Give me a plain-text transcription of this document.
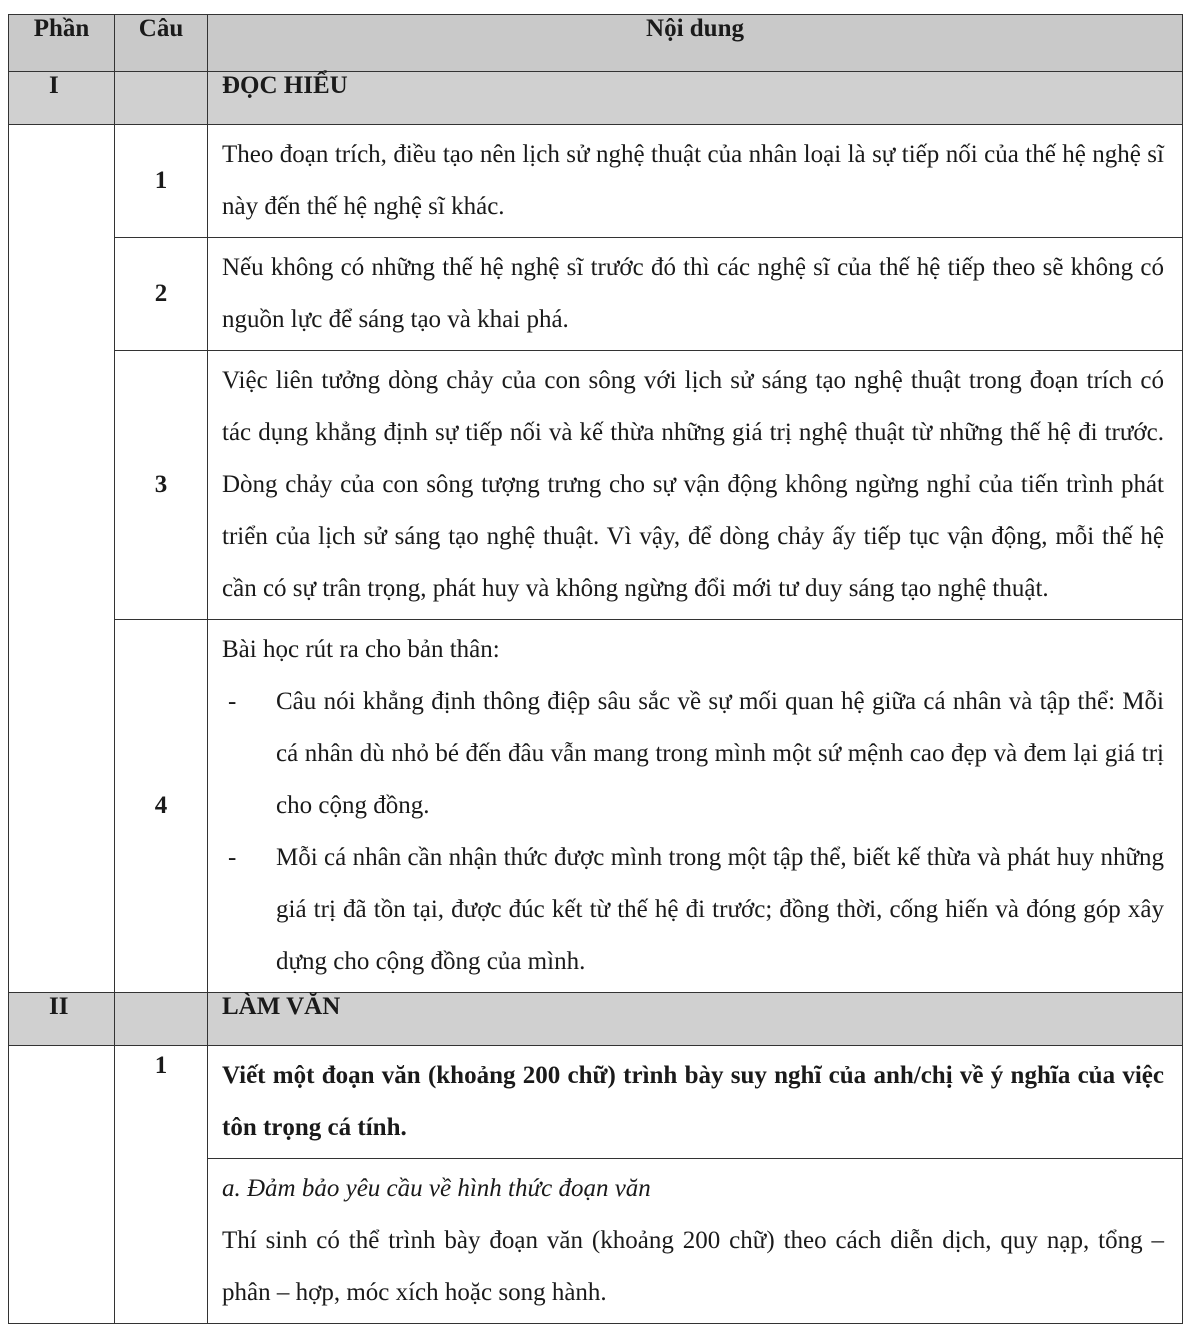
Phần	Câu	Nội dung
I		ĐỌC HIỂU
	1	Theo đoạn trích, điều tạo nên lịch sử nghệ thuật của nhân loại là sự tiếp nối của thế hệ nghệ sĩ này đến thế hệ nghệ sĩ khác.

	2	Nếu không có những thế hệ nghệ sĩ trước đó thì các nghệ sĩ của thế hệ tiếp theo sẽ không có nguồn lực để sáng tạo và khai phá.

	3	Việc liên tưởng dòng chảy của con sông với lịch sử sáng tạo nghệ thuật trong đoạn trích có tác dụng khẳng định sự tiếp nối và kế thừa những giá trị nghệ thuật từ những thế hệ đi trước. Dòng chảy của con sông tượng trưng cho sự vận động không ngừng nghỉ của tiến trình phát triển của lịch sử sáng tạo nghệ thuật. Vì vậy, để dòng chảy ấy tiếp tục vận động, mỗi thế hệ cần có sự trân trọng, phát huy và không ngừng đổi mới tư duy sáng tạo nghệ thuật.

	4	Bài học rút ra cho bản thân:
- Câu nói khẳng định thông điệp sâu sắc về sự mối quan hệ giữa cá nhân và tập thể: Mỗi cá nhân dù nhỏ bé đến đâu vẫn mang trong mình một sứ mệnh cao đẹp và đem lại giá trị cho cộng đồng.
- Mỗi cá nhân cần nhận thức được mình trong một tập thể, biết kế thừa và phát huy những giá trị đã tồn tại, được đúc kết từ thế hệ đi trước; đồng thời, cống hiến và đóng góp xây dựng cho cộng đồng của mình.

II		LÀM VĂN
	1	Viết một đoạn văn (khoảng 200 chữ) trình bày suy nghĩ của anh/chị về ý nghĩa của việc tôn trọng cá tính.

		a. Đảm bảo yêu cầu về hình thức đoạn văn
Thí sinh có thể trình bày đoạn văn (khoảng 200 chữ) theo cách diễn dịch, quy nạp, tổng – phân – hợp, móc xích hoặc song hành.
